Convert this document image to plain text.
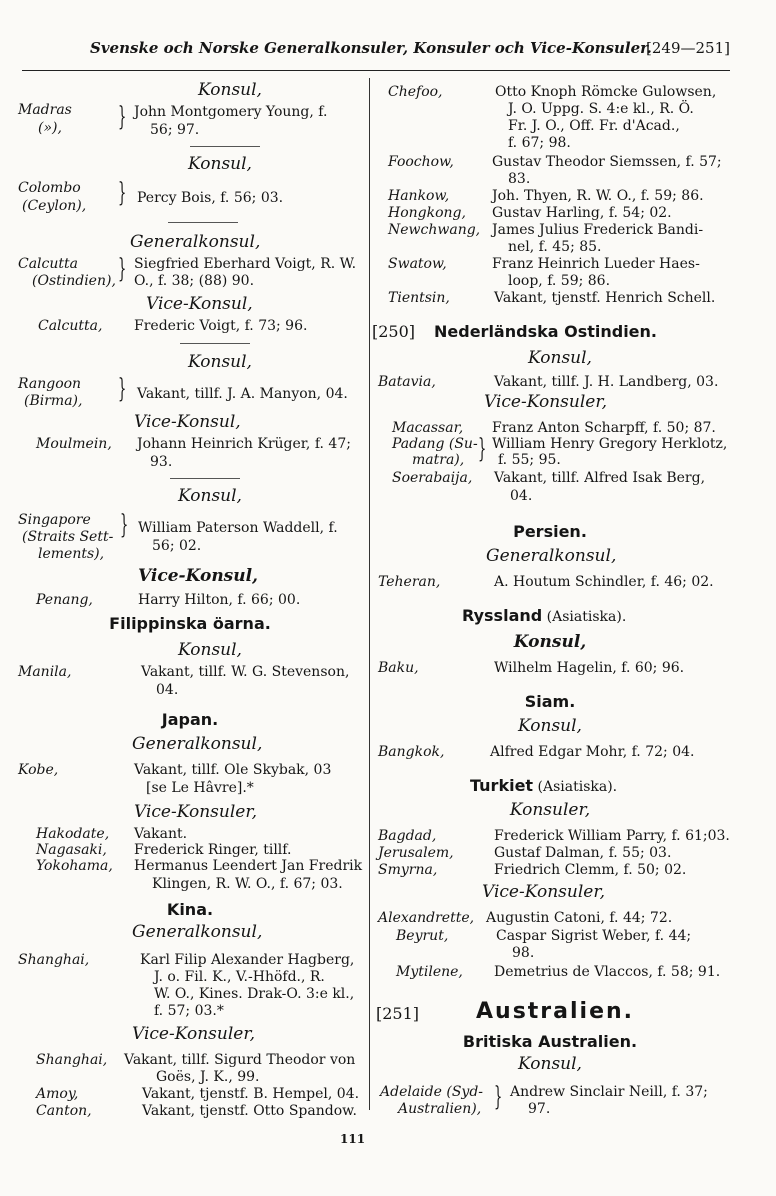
Svenske och Norske Generalkonsuler, Konsuler och Vice-Konsuler.
[249—251]
Konsul,
Madras
(»), } John Montgomery Young, f.
56; 97.
Konsul,
Colombo
(Ceylon), } Percy Bois, f. 56; 03.
Generalkonsul,
Calcutta
(Ostindien), } Siegfried Eberhard Voigt, R. W.
O., f. 38; (88) 90.
Vice-Konsul,
Calcutta, Frederic Voigt, f. 73; 96.
Konsul,
Rangoon
(Birma), } Vakant, tillf. J. A. Manyon, 04.
Vice-Konsul,
Moulmein, Johann Heinrich Krüger, f. 47;
93.
Konsul,
Singapore
(Straits Sett-
lements),
} William Paterson Waddell, f.
56; 02.
Vice-Konsul,
Penang,	Harry Hilton, f. 66; 00.
Filippinska öarna.
Konsul,
Manila,	Vakant, tillf. W. G. Stevenson,
04.
Japan.
Generalkonsul,
Kobe,	Vakant, tillf. Ole Skybak, 03
[se Le Hâvre].*
Vice-Konsuler,
Hakodate, Vakant.
Nagasaki, Frederick Ringer, tillf.
Yokohama, Hermanus Leendert Jan Fredrik
Klingen, R. W. O., f. 67; 03.
Kina.
Generalkonsul,
Shanghai,	Karl Filip Alexander Hagberg,
J. o. Fil. K., V.-Hhöfd., R.
W. O., Kines. Drak-O. 3:e kl.,
f. 57; 03.*
Vice-Konsuler,
Shanghai, Vakant, tillf. Sigurd Theodor von
Goës, J. K., 99.
Amoy,	Vakant, tjenstf. B. Hempel, 04.
Canton,	Vakant, tjenstf. Otto Spandow.
Chefoo,	Otto Knoph Römcke Gulowsen,
J. O. Uppg. S. 4:e kl., R. Ö.
Fr. J. O., Off. Fr. d'Acad.,
f. 67; 98.
Foochow,	Gustav Theodor Siemssen, f. 57;
83.
Hankow,	Joh. Thyen, R. W. O., f. 59; 86.
Hongkong, Gustav Harling, f. 54; 02.
Newchwang, James Julius Frederick Bandi-
nel, f. 45; 85.
Swatow,	Franz Heinrich Lueder Haes-
loop, f. 59; 86.
Tientsin,	Vakant, tjenstf. Henrich Schell.
[250] Nederländska Ostindien.
Konsul,
Batavia,	Vakant, tillf. J. H. Landberg, 03.
Vice-Konsuler,
Macassar, Franz Anton Scharpff, f. 50; 87.
Padang (Su-
matra), } William Henry Gregory Herklotz,
f. 55; 95.
Soerabaija, Vakant, tillf. Alfred Isak Berg,
04.
Persien.
Generalkonsul,
Teheran,	A. Houtum Schindler, f. 46; 02.
Ryssland (Asiatiska).
Konsul,
Baku,	Wilhelm Hagelin, f. 60; 96.
Siam.
Konsul,
Bangkok,	Alfred Edgar Mohr, f. 72; 04.
Turkiet (Asiatiska).
Konsuler,
Bagdad,	Frederick William Parry, f. 61;03.
Jerusalem,	Gustaf Dalman, f. 55; 03.
Smyrna,	Friedrich Clemm, f. 50; 02.
Vice-Konsuler,
Alexandrette, Augustin Catoni, f. 44; 72.
Beyrut,	Caspar Sigrist Weber, f. 44;
98.
Mytilene, Demetrius de Vlaccos, f. 58; 91.
[251]	Australien.
Britiska Australien.
Konsul,
Adelaide (Syd-
Australien), } Andrew Sinclair Neill, f. 37;
97.
111
